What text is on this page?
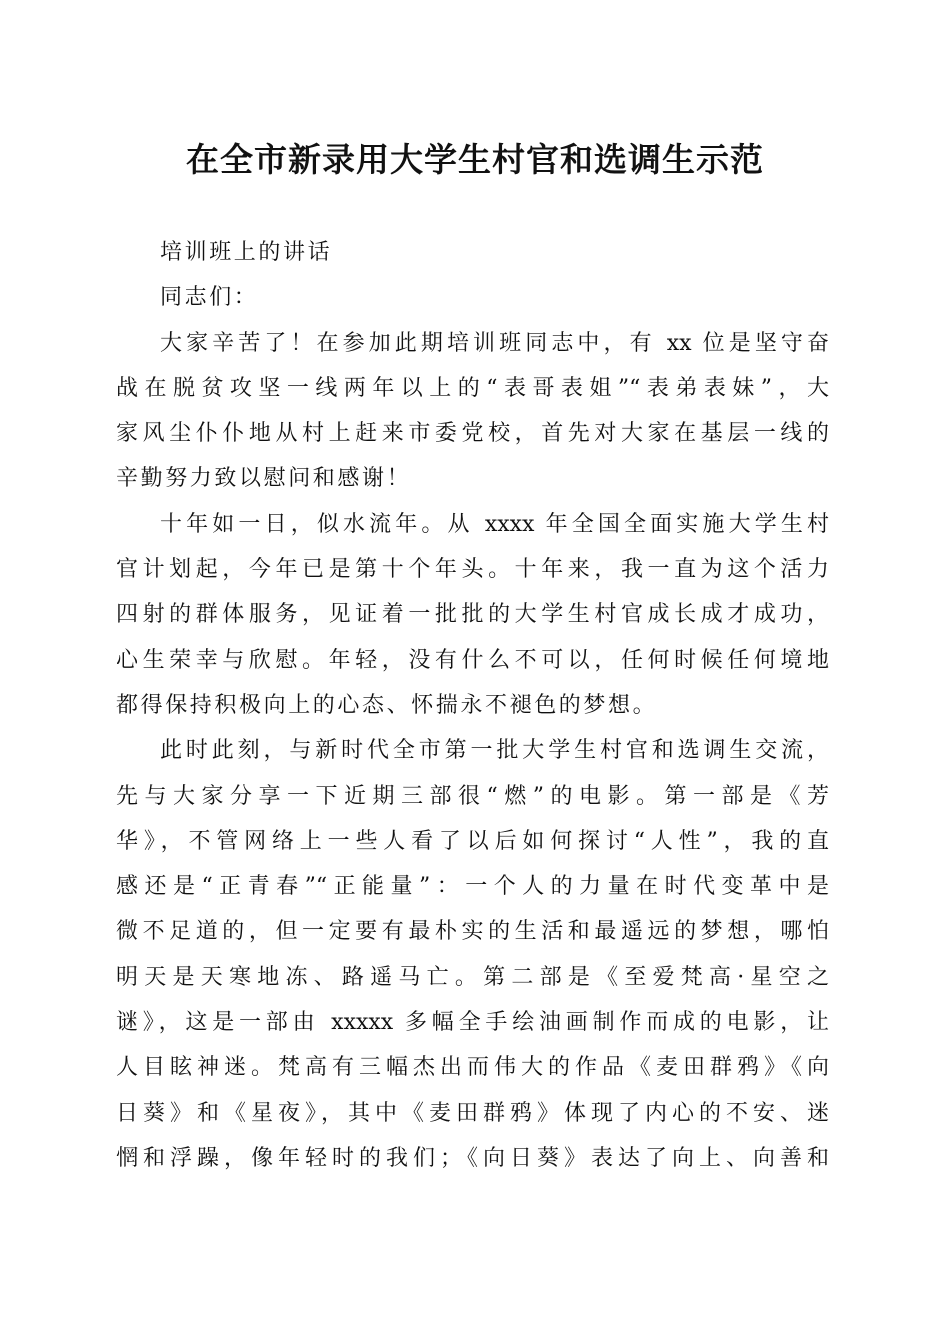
在全市新录用大学生村官和选调生示范

培训班上的讲话

同志们：

大家辛苦了！在参加此期培训班同志中，有 xx 位是坚守奋

战在脱贫攻坚一线两年以上的“表哥表姐”“表弟表妹”，大

家风尘仆仆地从村上赶来市委党校，首先对大家在基层一线的

辛勤努力致以慰问和感谢！

十年如一日，似水流年。从 xxxx 年全国全面实施大学生村

官计划起，今年已是第十个年头。十年来，我一直为这个活力

四射的群体服务，见证着一批批的大学生村官成长成才成功，

心生荣幸与欣慰。年轻，没有什么不可以，任何时候任何境地

都得保持积极向上的心态、怀揣永不褪色的梦想。

此时此刻，与新时代全市第一批大学生村官和选调生交流，

先与大家分享一下近期三部很“燃”的电影。第一部是《芳

华》，不管网络上一些人看了以后如何探讨“人性”，我的直

感还是“正青春”“正能量”：一个人的力量在时代变革中是

微不足道的，但一定要有最朴实的生活和最遥远的梦想，哪怕

明天是天寒地冻、路遥马亡。第二部是《至爱梵高·星空之

谜》，这是一部由 xxxxx 多幅全手绘油画制作而成的电影，让

人目眩神迷。梵高有三幅杰出而伟大的作品《麦田群鸦》《向

日葵》和《星夜》，其中《麦田群鸦》体现了内心的不安、迷

惘和浮躁，像年轻时的我们；《向日葵》表达了向上、向善和
